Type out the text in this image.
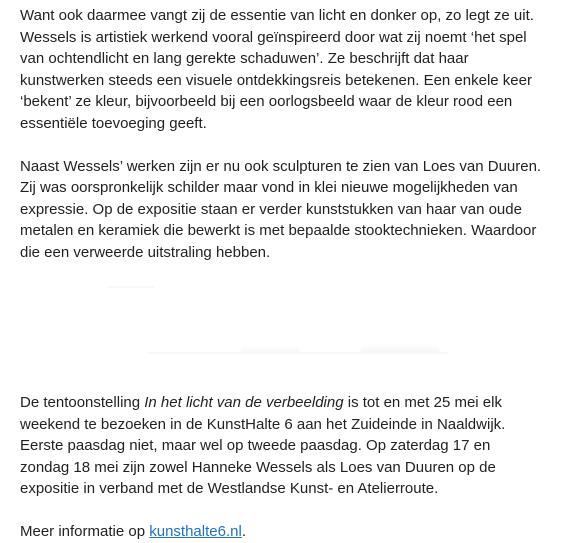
Want ook daarmee vangt zij de essentie van licht en donker op, zo legt ze uit. Wessels is artistiek werkend vooral geïnspireerd door wat zij noemt ‘het spel van ochtendlicht en lang gerekte schaduwen’. Ze beschrijft dat haar kunstwerken steeds een visuele ontdekkingsreis betekenen. Een enkele keer ‘bekent’ ze kleur, bijvoorbeeld bij een oorlogsbeeld waar de kleur rood een essentiële toevoeging geeft.

Naast Wessels’ werken zijn er nu ook sculpturen te zien van Loes van Duuren. Zij was oorspronkelijk schilder maar vond in klei nieuwe mogelijkheden van expressie. Op de expositie staan er verder kunststukken van haar van oude metalen en keramiek die bewerkt is met bepaalde stooktechnieken. Waardoor die een verweerde uitstraling hebben.

De tentoonstelling In het licht van de verbeelding is tot en met 25 mei elk weekend te bezoeken in de KunstHalte 6 aan het Zuideinde in Naaldwijk. Eerste paasdag niet, maar wel op tweede paasdag. Op zaterdag 17 en zondag 18 mei zijn zowel Hanneke Wessels als Loes van Duuren op de expositie in verband met de Westlandse Kunst- en Atelierroute.

Meer informatie op kunsthalte6.nl.
